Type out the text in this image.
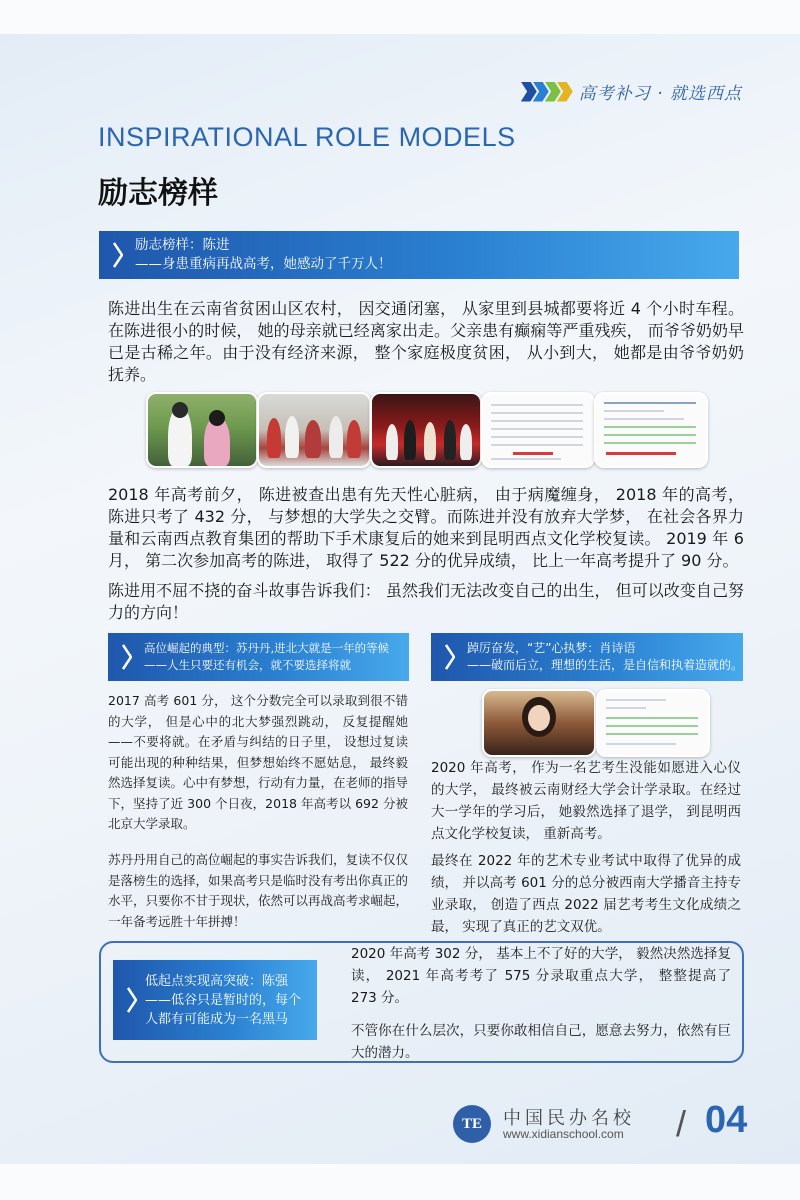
高考补习 · 就选西点
INSPIRATIONAL ROLE MODELS
励志榜样
励志榜样：陈进
——身患重病再战高考，她感动了千万人！
陈进出生在云南省贫困山区农村， 因交通闭塞， 从家里到县城都要将近 4 个小时车程。在陈进很小的时候， 她的母亲就已经离家出走。父亲患有癫痫等严重残疾， 而爷爷奶奶早已是古稀之年。由于没有经济来源， 整个家庭极度贫困， 从小到大， 她都是由爷爷奶奶抚养。
2018 年高考前夕， 陈进被查出患有先天性心脏病， 由于病魔缠身， 2018 年的高考， 陈进只考了 432 分， 与梦想的大学失之交臂。而陈进并没有放弃大学梦， 在社会各界力量和云南西点教育集团的帮助下手术康复后的她来到昆明西点文化学校复读。 2019 年 6 月， 第二次参加高考的陈进， 取得了 522 分的优异成绩， 比上一年高考提升了 90 分。
陈进用不屈不挠的奋斗故事告诉我们： 虽然我们无法改变自己的出生， 但可以改变自己努力的方向！
高位崛起的典型：苏丹丹,进北大就是一年的等候
——人生只要还有机会，就不要选择将就
2017 高考 601 分， 这个分数完全可以录取到很不错的大学， 但是心中的北大梦强烈跳动， 反复提醒她——不要将就。在矛盾与纠结的日子里， 设想过复读可能出现的种种结果，但梦想始终不愿姑息， 最终毅然选择复读。心中有梦想，行动有力量，在老师的指导下，坚持了近 300 个日夜，2018 年高考以 692 分被北京大学录取。
苏丹丹用自己的高位崛起的事实告诉我们，复读不仅仅是落榜生的选择，如果高考只是临时没有考出你真正的水平，只要你不甘于现状，依然可以再战高考求崛起，一年备考远胜十年拼搏！
踔厉奋发，“艺”心执梦：肖诗语
——破而后立，理想的生活，是自信和执着造就的。
2020 年高考， 作为一名艺考生没能如愿进入心仪的大学， 最终被云南财经大学会计学录取。在经过大一学年的学习后， 她毅然选择了退学， 到昆明西点文化学校复读， 重新高考。
最终在 2022 年的艺术专业考试中取得了优异的成绩， 并以高考 601 分的总分被西南大学播音主持专业录取， 创造了西点 2022 届艺考考生文化成绩之最， 实现了真正的艺文双优。
低起点实现高突破：陈强
——低谷只是暂时的，每个
人都有可能成为一名黑马
2020 年高考 302 分， 基本上不了好的大学， 毅然决然选择复读， 2021 年高考考了 575 分录取重点大学， 整整提高了 273 分。
不管你在什么层次，只要你敢相信自己，愿意去努力，依然有巨大的潜力。
TE	中国民办名校
www.xidianschool.com / 04
